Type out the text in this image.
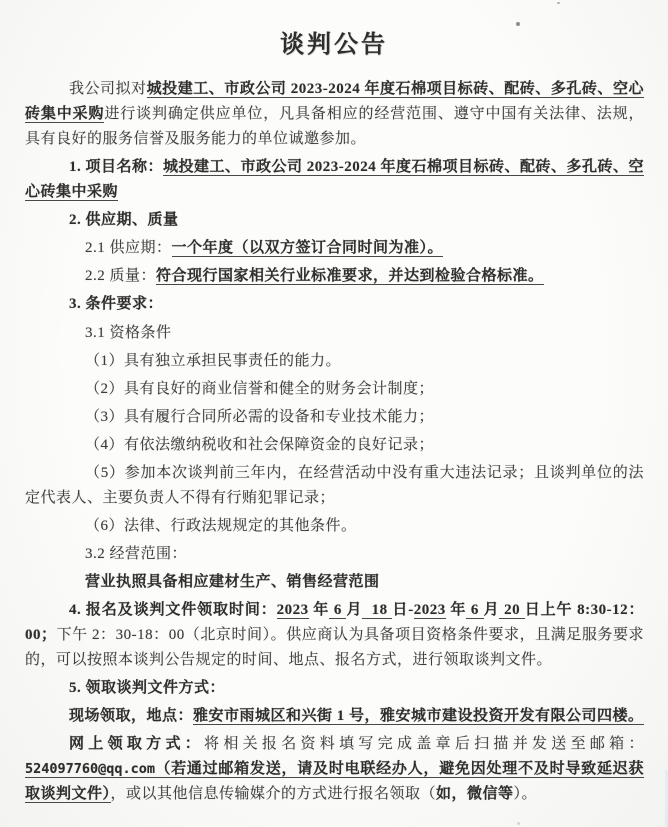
谈判公告

我公司拟对城投建工、市政公司 2023-2024 年度石棉项目标砖、配砖、多孔砖、空心砖集中采购进行谈判确定供应单位，凡具备相应的经营范围、遵守中国有关法律、法规，具有良好的服务信誉及服务能力的单位诚邀参加。

1. 项目名称：城投建工、市政公司 2023-2024 年度石棉项目标砖、配砖、多孔砖、空心砖集中采购

2. 供应期、质量

2.1 供应期：一个年度（以双方签订合同时间为准）。

2.2 质量：符合现行国家相关行业标准要求，并达到检验合格标准。

3. 条件要求：

3.1 资格条件

（1）具有独立承担民事责任的能力。

（2）具有良好的商业信誉和健全的财务会计制度；

（3）具有履行合同所必需的设备和专业技术能力；

（4）有依法缴纳税收和社会保障资金的良好记录；

（5）参加本次谈判前三年内，在经营活动中没有重大违法记录；且谈判单位的法定代表人、主要负责人不得有行贿犯罪记录；

（6）法律、行政法规规定的其他条件。

3.2 经营范围：

营业执照具备相应建材生产、销售经营范围

4. 报名及谈判文件领取时间：2023 年 6 月  18 日-2023 年 6 月 20 日上午 8:30-12：00；下午 2：30-18：00（北京时间）。供应商认为具备项目资格条件要求，且满足服务要求的，可以按照本谈判公告规定的时间、地点、报名方式，进行领取谈判文件。

5. 领取谈判文件方式：

现场领取，地点：雅安市雨城区和兴街 1 号，雅安城市建设投资开发有限公司四楼。

网上领取方式：将相关报名资料填写完成盖章后扫描并发送至邮箱：524097760@qq.com（若通过邮箱发送，请及时电联经办人，避免因处理不及时导致延迟获取谈判文件），或以其他信息传输媒介的方式进行报名领取（如，微信等）。
